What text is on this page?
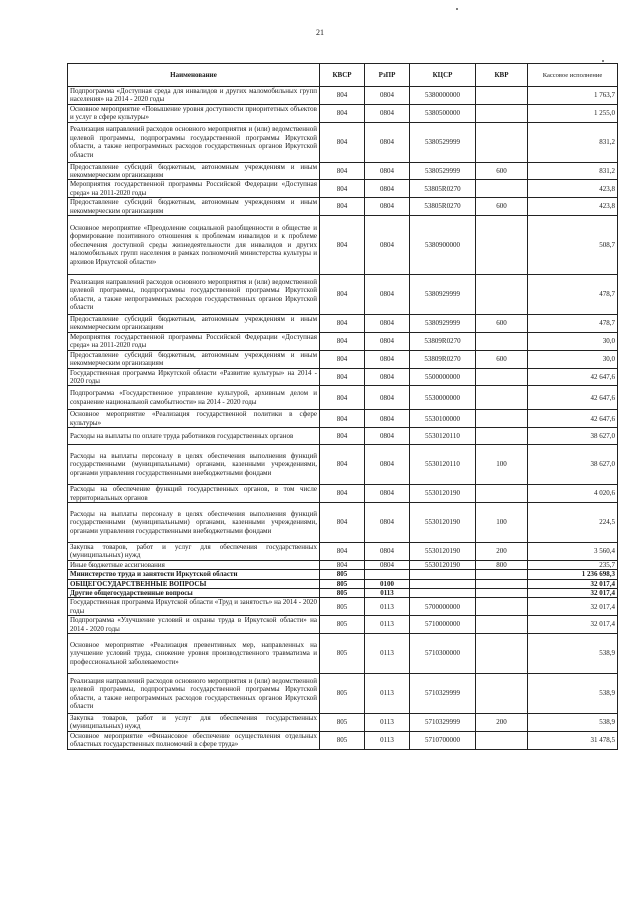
21
Наименование	КВСР	РзПР	КЦСР	КВР	Кассовое исполнение
Подпрограмма «Доступная среда для инвалидов и других маломобильных групп населения» на 2014 - 2020 годы	804	0804	5380000000		1 763,7
Основное мероприятие «Повышение уровня доступности приоритетных объектов и услуг в сфере культуры»	804	0804	5380500000		1 255,0
Реализация направлений расходов основного мероприятия и (или) ведомственной целевой программы, подпрограммы государственной программы Иркутской области, а также непрограммных расходов государственных органов Иркутской области	804	0804	5380529999		831,2
Предоставление субсидий бюджетным, автономным учреждениям и иным некоммерческим организациям	804	0804	5380529999	600	831,2
Мероприятия государственной программы Российской Федерации «Доступная среда» на 2011-2020 годы	804	0804	53805R0270		423,8
Предоставление субсидий бюджетным, автономным учреждениям и иным некоммерческим организациям	804	0804	53805R0270	600	423,8
Основное мероприятие «Преодоление социальной разобщенности в обществе и формирование позитивного отношения к проблемам инвалидов и к проблеме обеспечения доступной среды жизнедеятельности для инвалидов и других маломобильных групп населения в рамках полномочий министерства культуры и архивов Иркутской области»	804	0804	5380900000		508,7
Реализация направлений расходов основного мероприятия и (или) ведомственной целевой программы, подпрограммы государственной программы Иркутской области, а также непрограммных расходов государственных органов Иркутской области	804	0804	5380929999		478,7
Предоставление субсидий бюджетным, автономным учреждениям и иным некоммерческим организациям	804	0804	5380929999	600	478,7
Мероприятия государственной программы Российской Федерации «Доступная среда» на 2011-2020 годы	804	0804	53809R0270		30,0
Предоставление субсидий бюджетным, автономным учреждениям и иным некоммерческим организациям	804	0804	53809R0270	600	30,0
Государственная программа Иркутской области «Развитие культуры» на 2014 - 2020 годы	804	0804	5500000000		42 647,6
Подпрограмма «Государственное управление культурой, архивным делом и сохранение национальной самобытности» на 2014 - 2020 годы	804	0804	5530000000		42 647,6
Основное мероприятие «Реализация государственной политики в сфере культуры»	804	0804	5530100000		42 647,6
Расходы на выплаты по оплате труда работников государственных органов	804	0804	5530120110		38 627,0
Расходы на выплаты персоналу в целях обеспечения выполнения функций государственными (муниципальными) органами, казенными учреждениями, органами управления государственными внебюджетными фондами	804	0804	5530120110	100	38 627,0
Расходы на обеспечение функций государственных органов, в том числе территориальных органов	804	0804	5530120190		4 020,6
Расходы на выплаты персоналу в целях обеспечения выполнения функций государственными (муниципальными) органами, казенными учреждениями, органами управления государственными внебюджетными фондами	804	0804	5530120190	100	224,5
Закупка товаров, работ и услуг для обеспечения государственных (муниципальных) нужд	804	0804	5530120190	200	3 560,4
Иные бюджетные ассигнования	804	0804	5530120190	800	235,7
Министерство труда и занятости Иркутской области	805				1 236 698,3
ОБЩЕГОСУДАРСТВЕННЫЕ ВОПРОСЫ	805	0100			32 017,4
Другие общегосударственные вопросы	805	0113			32 017,4
Государственная программа Иркутской области «Труд и занятость» на 2014 - 2020 годы	805	0113	5700000000		32 017,4
Подпрограмма «Улучшение условий и охраны труда в Иркутской области» на 2014 - 2020 годы	805	0113	5710000000		32 017,4
Основное мероприятие «Реализация превентивных мер, направленных на улучшение условий труда, снижение уровня производственного травматизма и профессиональной заболеваемости»	805	0113	5710300000		538,9
Реализация направлений расходов основного мероприятия и (или) ведомственной целевой программы, подпрограммы государственной программы Иркутской области, а также непрограммных расходов государственных органов Иркутской области	805	0113	5710329999		538,9
Закупка товаров, работ и услуг для обеспечения государственных (муниципальных) нужд	805	0113	5710329999	200	538,9
Основное мероприятие «Финансовое обеспечение осуществления отдельных областных государственных полномочий в сфере труда»	805	0113	5710700000		31 478,5
